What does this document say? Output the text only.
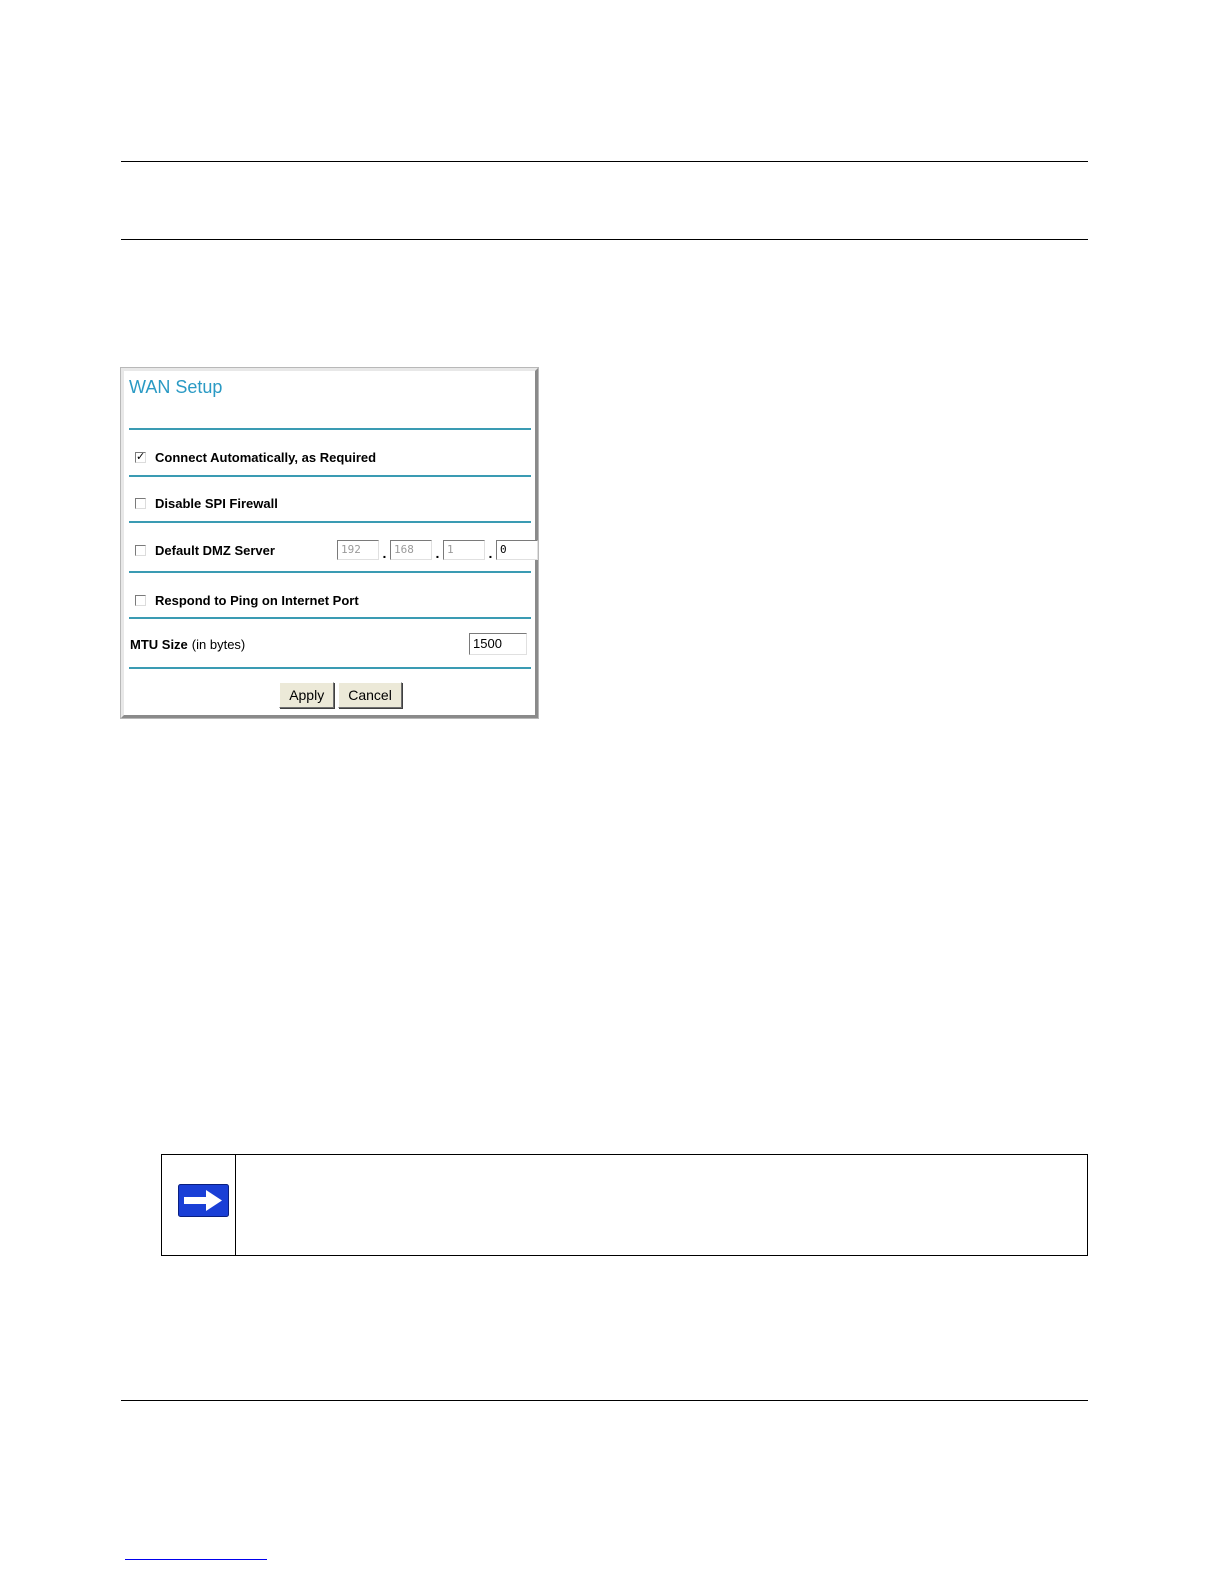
WAN Setup
✓ Connect Automatically, as Required
Disable SPI Firewall
Default DMZ Server	192	. 168	. 1	. 0
Respond to Ping on Internet Port
MTU Size (in bytes)	1500
Apply	Cancel
